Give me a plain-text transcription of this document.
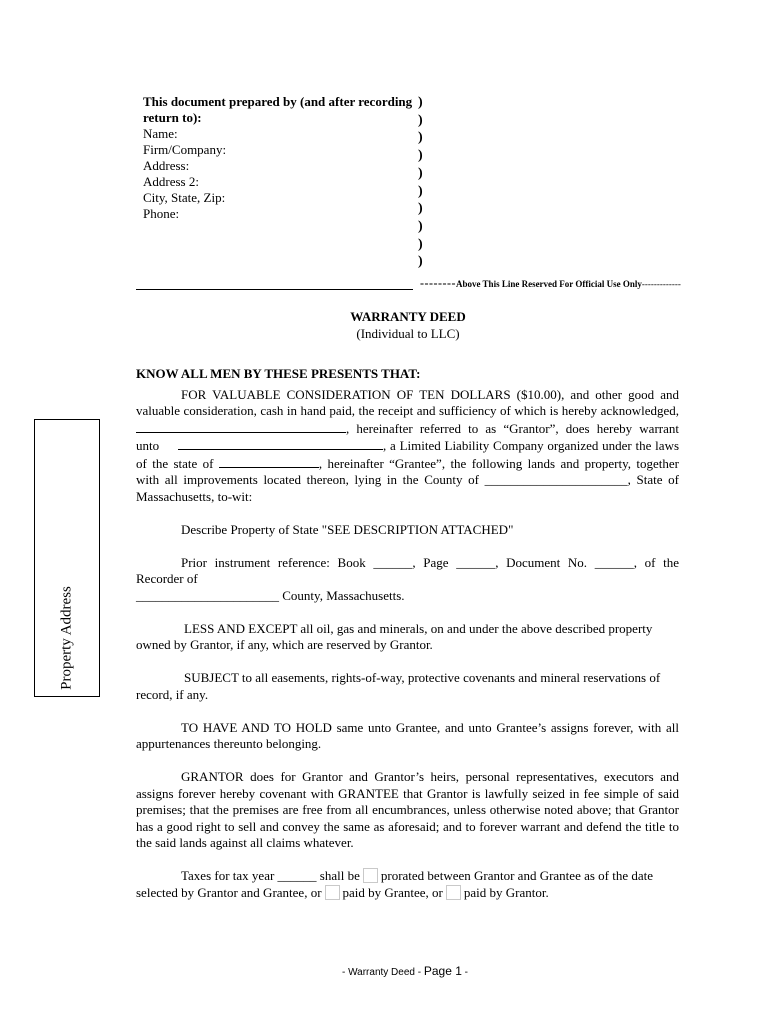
This document prepared by (and after recording
return to):
Name:
Firm/Company:
Address:
Address 2:
City, State, Zip:
Phone:
)
)
)
)
)
)
)
)
)
)
--------Above This Line Reserved For Official Use Only-------------
WARRANTY DEED
(Individual to LLC)
Property Address

KNOW ALL MEN BY THESE PRESENTS THAT:

FOR VALUABLE CONSIDERATION OF TEN DOLLARS ($10.00), and other good and valuable consideration, cash in hand paid, the receipt and sufficiency of which is hereby acknowledged, , hereinafter referred to as “Grantor”, does hereby warrant unto	, a Limited Liability Company organized under the laws of the state of	, hereinafter “Grantee”, the following lands and property, together with all improvements located thereon, lying in the County of ______________________, State of Massachusetts, to-wit:

Describe Property of State "SEE DESCRIPTION ATTACHED"

Prior instrument reference: Book ______, Page ______, Document No. ______, of the Recorder of

______________________ County, Massachusetts.

LESS AND EXCEPT all oil, gas and minerals, on and under the above described property owned by Grantor, if any, which are reserved by Grantor.

SUBJECT to all easements, rights-of-way, protective covenants and mineral reservations of record, if any.

TO HAVE AND TO HOLD same unto Grantee, and unto Grantee’s assigns forever, with all appurtenances thereunto belonging.

GRANTOR does for Grantor and Grantor’s heirs, personal representatives, executors and assigns forever hereby covenant with GRANTEE that Grantor is lawfully seized in fee simple of said premises; that the premises are free from all encumbrances, unless otherwise noted above; that Grantor has a good right to sell and convey the same as aforesaid; and to forever warrant and defend the title to the said lands against all claims whatever.

Taxes for tax year ______ shall be prorated between Grantor and Grantee as of the date selected by Grantor and Grantee, or paid by Grantee, or paid by Grantor.

- Warranty Deed - Page 1 -
